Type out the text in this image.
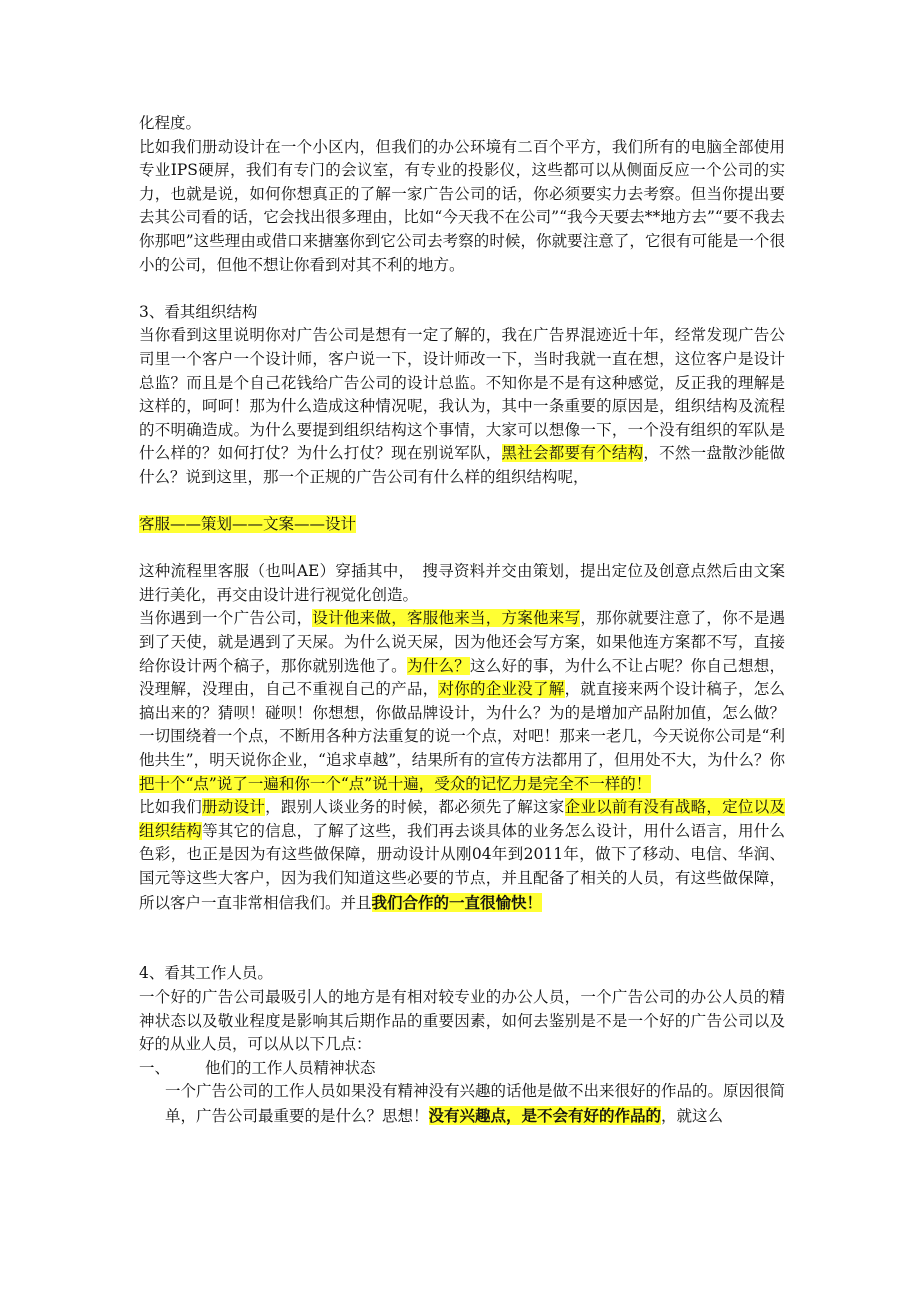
化程度。

比如我们册动设计在一个小区内，但我们的办公环境有二百个平方，我们所有的电脑全部使用专业IPS硬屏，我们有专门的会议室，有专业的投影仪，这些都可以从侧面反应一个公司的实力，也就是说，如何你想真正的了解一家广告公司的话，你必须要实力去考察。但当你提出要去其公司看的话，它会找出很多理由，比如“今天我不在公司”“我今天要去**地方去”“要不我去你那吧”这些理由或借口来搪塞你到它公司去考察的时候，你就要注意了，它很有可能是一个很小的公司，但他不想让你看到对其不利的地方。

3、看其组织结构

当你看到这里说明你对广告公司是想有一定了解的，我在广告界混迹近十年，经常发现广告公司里一个客户一个设计师，客户说一下，设计师改一下，当时我就一直在想，这位客户是设计总监？而且是个自己花钱给广告公司的设计总监。不知你是不是有这种感觉，反正我的理解是这样的，呵呵！那为什么造成这种情况呢，我认为，其中一条重要的原因是，组织结构及流程的不明确造成。为什么要提到组织结构这个事情，大家可以想像一下，一个没有组织的军队是什么样的？如何打仗？为什么打仗？现在别说军队，黑社会都要有个结构，不然一盘散沙能做什么？说到这里，那一个正规的广告公司有什么样的组织结构呢，

客服——策划——文案——设计

这种流程里客服（也叫AE）穿插其中，　搜寻资料并交由策划，提出定位及创意点然后由文案进行美化，再交由设计进行视觉化创造。

当你遇到一个广告公司，设计他来做，客服他来当，方案他来写，那你就要注意了，你不是遇到了天使，就是遇到了天屎。为什么说天屎，因为他还会写方案，如果他连方案都不写，直接给你设计两个稿子，那你就别选他了。为什么？这么好的事，为什么不让占呢？你自己想想，没理解，没理由，自己不重视自己的产品，对你的企业没了解，就直接来两个设计稿子，怎么搞出来的？猜呗！碰呗！你想想，你做品牌设计，为什么？为的是增加产品附加值，怎么做？一切围绕着一个点，不断用各种方法重复的说一个点，对吧！那来一老几，今天说你公司是“利他共生”，明天说你企业，“追求卓越”，结果所有的宣传方法都用了，但用处不大，为什么？你把十个“点”说了一遍和你一个“点”说十遍，受众的记忆力是完全不一样的！

比如我们册动设计，跟别人谈业务的时候，都必须先了解这家企业以前有没有战略，定位以及组织结构等其它的信息，了解了这些，我们再去谈具体的业务怎么设计，用什么语言，用什么色彩，也正是因为有这些做保障，册动设计从刚04年到2011年，做下了移动、电信、华润、国元等这些大客户，因为我们知道这些必要的节点，并且配备了相关的人员，有这些做保障，所以客户一直非常相信我们。并且我们合作的一直很愉快！

4、看其工作人员。

一个好的广告公司最吸引人的地方是有相对较专业的办公人员，一个广告公司的办公人员的精神状态以及敬业程度是影响其后期作品的重要因素，如何去鉴别是不是一个好的广告公司以及好的从业人员，可以从以下几点：

一、	他们的工作人员精神状态

一个广告公司的工作人员如果没有精神没有兴趣的话他是做不出来很好的作品的。原因很简单，广告公司最重要的是什么？思想！没有兴趣点，是不会有好的作品的，就这么
